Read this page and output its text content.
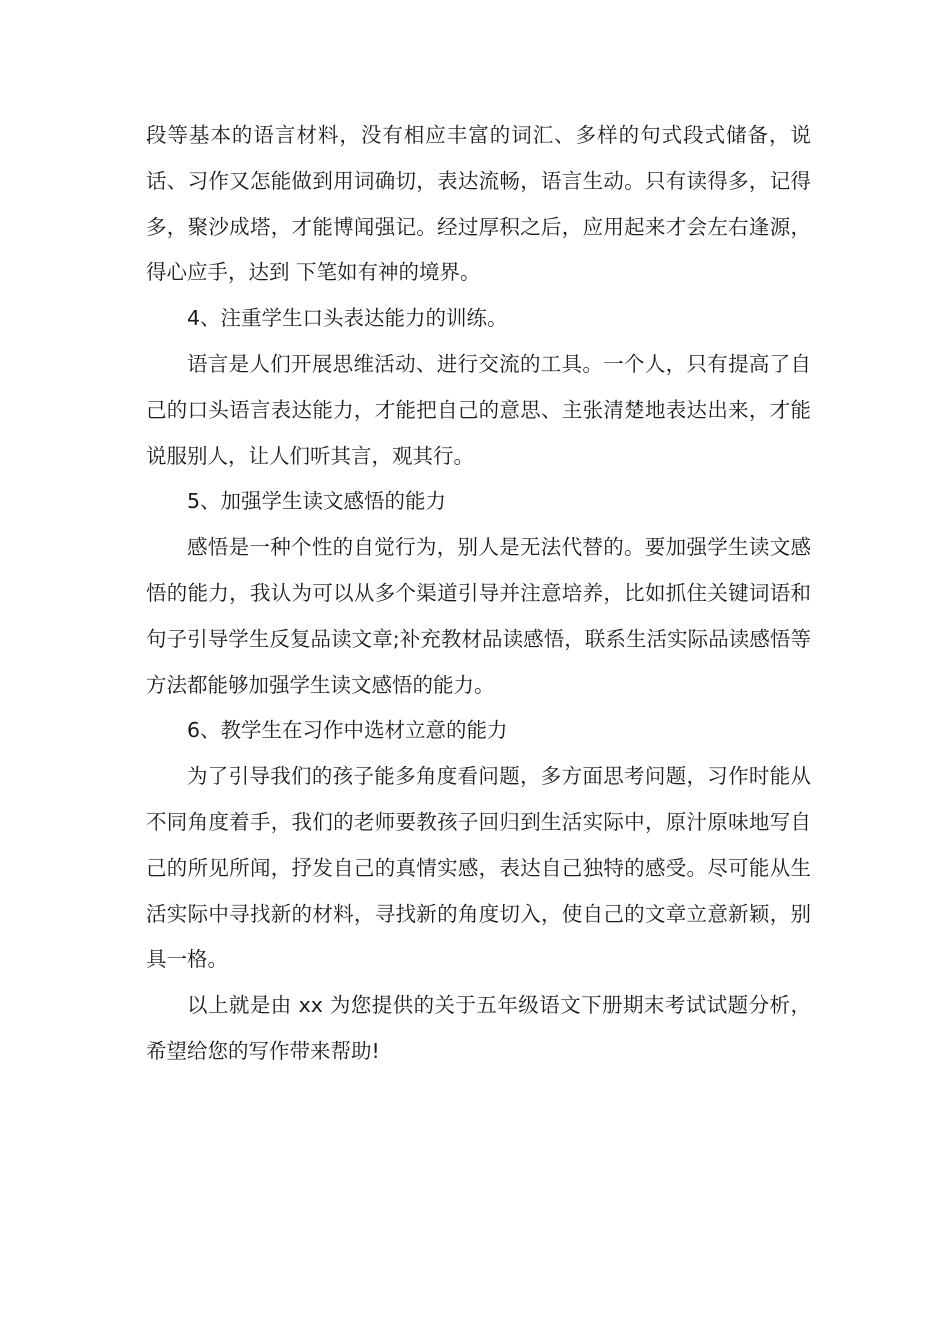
段等基本的语言材料，没有相应丰富的词汇、多样的句式段式储备，说话、习作又怎能做到用词确切，表达流畅，语言生动。只有读得多，记得多，聚沙成塔，才能博闻强记。经过厚积之后，应用起来才会左右逢源，得心应手，达到 下笔如有神的境界。

4、注重学生口头表达能力的训练。

语言是人们开展思维活动、进行交流的工具。一个人，只有提高了自己的口头语言表达能力，才能把自己的意思、主张清楚地表达出来，才能说服别人，让人们听其言，观其行。

5、加强学生读文感悟的能力

感悟是一种个性的自觉行为，别人是无法代替的。要加强学生读文感悟的能力，我认为可以从多个渠道引导并注意培养，比如抓住关键词语和句子引导学生反复品读文章;补充教材品读感悟，联系生活实际品读感悟等方法都能够加强学生读文感悟的能力。

6、教学生在习作中选材立意的能力

为了引导我们的孩子能多角度看问题，多方面思考问题，习作时能从不同角度着手，我们的老师要教孩子回归到生活实际中，原汁原味地写自己的所见所闻，抒发自己的真情实感，表达自己独特的感受。尽可能从生活实际中寻找新的材料，寻找新的角度切入，使自己的文章立意新颖，别具一格。

以上就是由 xx 为您提供的关于五年级语文下册期末考试试题分析，希望给您的写作带来帮助!
